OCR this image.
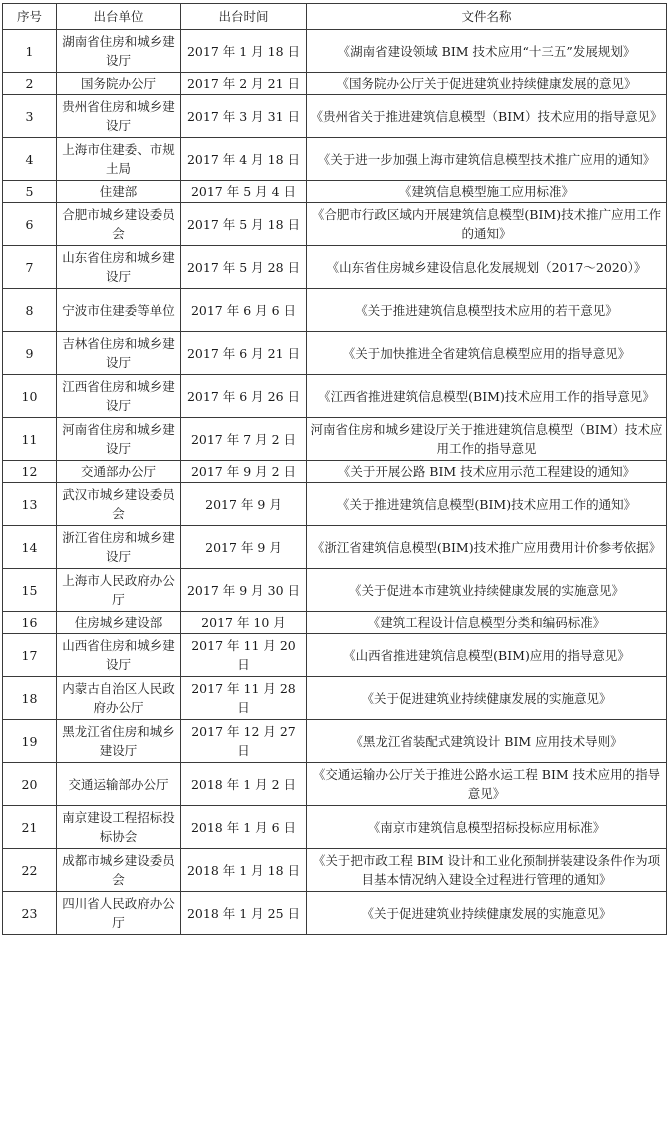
序号	出台单位	出台时间	文件名称
1	湖南省住房和城乡建设厅	2017 年 1 月 18 日	《湖南省建设领域 BIM 技术应用“十三五”发展规划》
2	国务院办公厅	2017 年 2 月 21 日	《国务院办公厅关于促进建筑业持续健康发展的意见》
3	贵州省住房和城乡建设厅	2017 年 3 月 31 日	《贵州省关于推进建筑信息模型（BIM）技术应用的指导意见》
4	上海市住建委、市规土局	2017 年 4 月 18 日	《关于进一步加强上海市建筑信息模型技术推广应用的通知》
5	住建部	2017 年 5 月 4 日	《建筑信息模型施工应用标准》
6	合肥市城乡建设委员会	2017 年 5 月 18 日	《合肥市行政区域内开展建筑信息模型(BIM)技术推广应用工作的通知》
7	山东省住房和城乡建设厅	2017 年 5 月 28 日	《山东省住房城乡建设信息化发展规划（2017～2020）》
8	宁波市住建委等单位	2017 年 6 月 6 日	《关于推进建筑信息模型技术应用的若干意见》
9	吉林省住房和城乡建设厅	2017 年 6 月 21 日	《关于加快推进全省建筑信息模型应用的指导意见》
10	江西省住房和城乡建设厅	2017 年 6 月 26 日	《江西省推进建筑信息模型(BIM)技术应用工作的指导意见》
11	河南省住房和城乡建设厅	2017 年 7 月 2 日	河南省住房和城乡建设厅关于推进建筑信息模型（BIM）技术应用工作的指导意见
12	交通部办公厅	2017 年 9 月 2 日	《关于开展公路 BIM 技术应用示范工程建设的通知》
13	武汉市城乡建设委员会	2017 年 9 月	《关于推进建筑信息模型(BIM)技术应用工作的通知》
14	浙江省住房和城乡建设厅	2017 年 9 月	《浙江省建筑信息模型(BIM)技术推广应用费用计价参考依据》
15	上海市人民政府办公厅	2017 年 9 月 30 日	《关于促进本市建筑业持续健康发展的实施意见》
16	住房城乡建设部	2017 年 10 月	《建筑工程设计信息模型分类和编码标准》
17	山西省住房和城乡建设厅	2017 年 11 月 20 日	《山西省推进建筑信息模型(BIM)应用的指导意见》
18	内蒙古自治区人民政府办公厅	2017 年 11 月 28 日	《关于促进建筑业持续健康发展的实施意见》
19	黑龙江省住房和城乡建设厅	2017 年 12 月 27 日	《黑龙江省装配式建筑设计 BIM 应用技术导则》
20	交通运输部办公厅	2018 年 1 月 2 日	《交通运输办公厅关于推进公路水运工程 BIM 技术应用的指导意见》
21	南京建设工程招标投标协会	2018 年 1 月 6 日	《南京市建筑信息模型招标投标应用标准》
22	成都市城乡建设委员会	2018 年 1 月 18 日	《关于把市政工程 BIM 设计和工业化预制拼装建设条件作为项目基本情况纳入建设全过程进行管理的通知》
23	四川省人民政府办公厅	2018 年 1 月 25 日	《关于促进建筑业持续健康发展的实施意见》
